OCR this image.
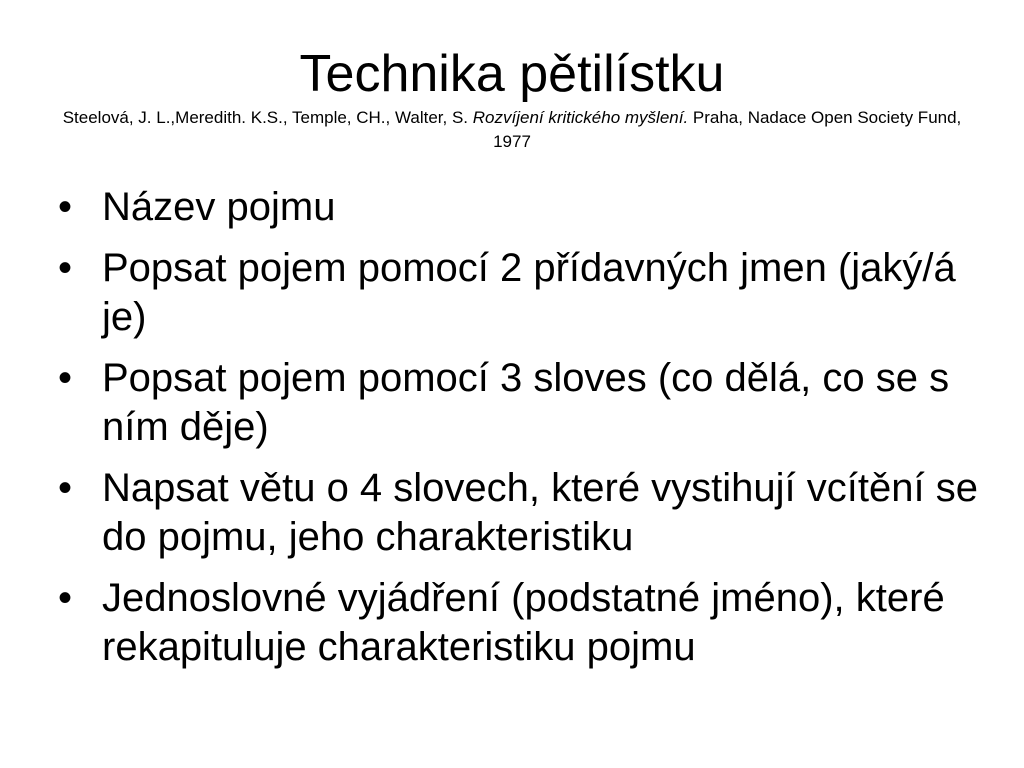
Technika pětilístku
Steelová, J. L.,Meredith. K.S., Temple, CH., Walter, S. Rozvíjení kritického myšlení. Praha, Nadace Open Society Fund, 1977
• Název pojmu
• Popsat pojem pomocí 2 přídavných jmen (jaký/á je)
• Popsat pojem pomocí 3 sloves (co dělá, co se s ním děje)
• Napsat větu o 4 slovech, které vystihují vcítění se do pojmu, jeho charakteristiku
• Jednoslovné vyjádření (podstatné jméno), které rekapituluje charakteristiku pojmu
